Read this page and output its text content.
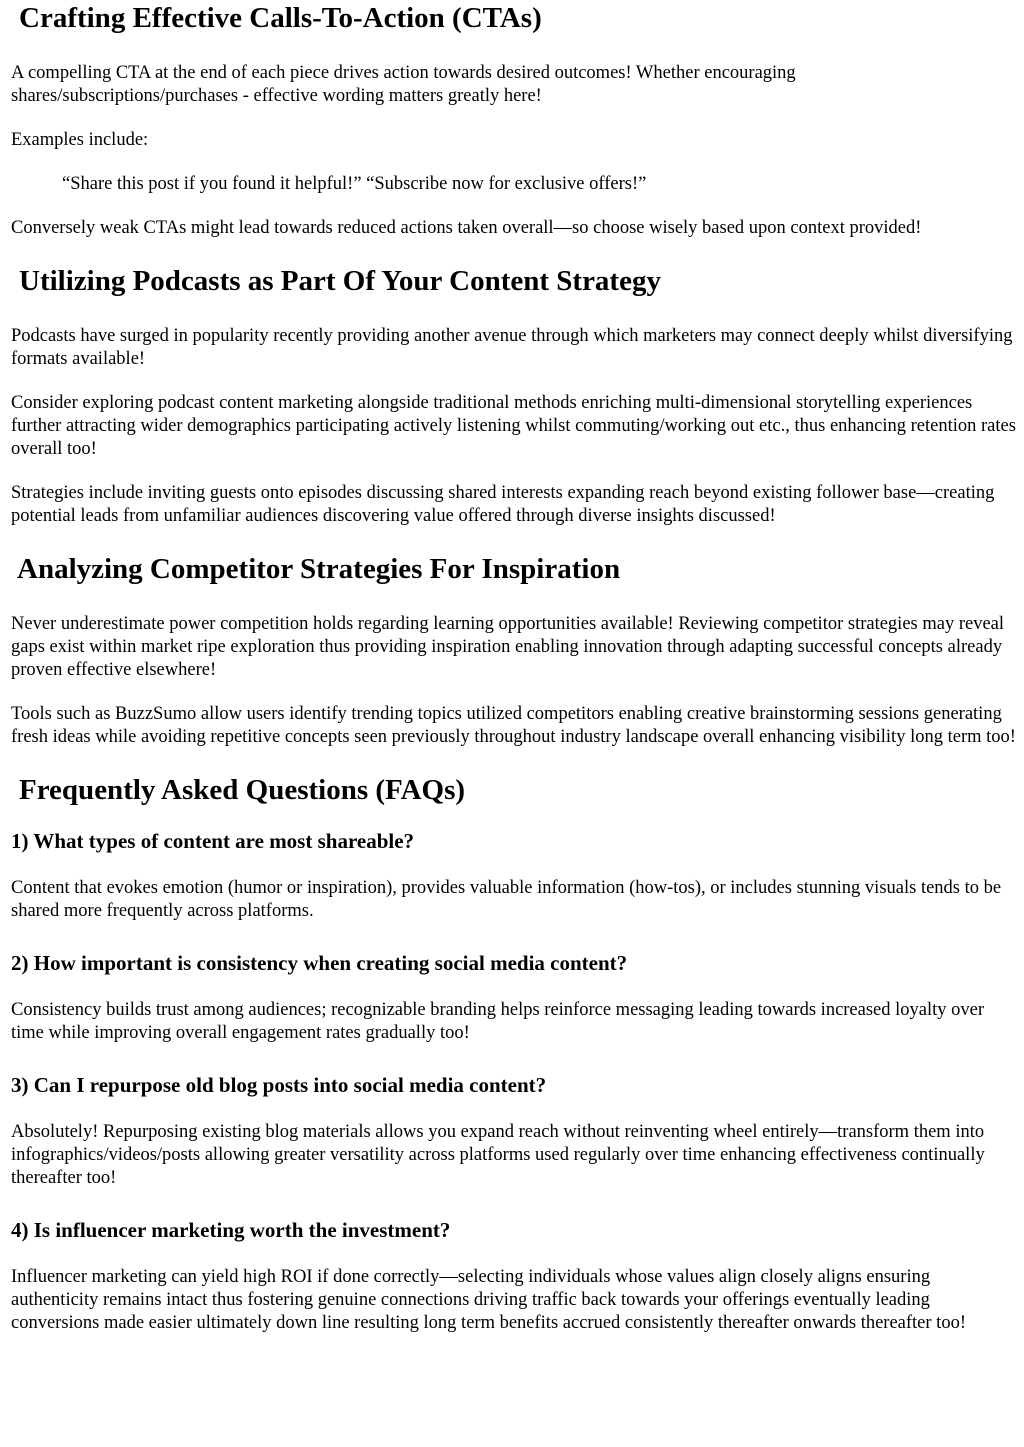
Crafting Effective Calls-To-Action (CTAs)

A compelling CTA at the end of each piece drives action towards desired outcomes! Whether encouraging shares/subscriptions/purchases - effective wording matters greatly here!

Examples include:

“Share this post if you found it helpful!” “Subscribe now for exclusive offers!”

Conversely weak CTAs might lead towards reduced actions taken overall—so choose wisely based upon context provided!

Utilizing Podcasts as Part Of Your Content Strategy

Podcasts have surged in popularity recently providing another avenue through which marketers may connect deeply whilst diversifying formats available!

Consider exploring podcast content marketing alongside traditional methods enriching multi-dimensional storytelling experiences further attracting wider demographics participating actively listening whilst commuting/working out etc., thus enhancing retention rates overall too!

Strategies include inviting guests onto episodes discussing shared interests expanding reach beyond existing follower base—creating potential leads from unfamiliar audiences discovering value offered through diverse insights discussed!

Analyzing Competitor Strategies For Inspiration

Never underestimate power competition holds regarding learning opportunities available! Reviewing competitor strategies may reveal gaps exist within market ripe exploration thus providing inspiration enabling innovation through adapting successful concepts already proven effective elsewhere!

Tools such as BuzzSumo allow users identify trending topics utilized competitors enabling creative brainstorming sessions generating fresh ideas while avoiding repetitive concepts seen previously throughout industry landscape overall enhancing visibility long term too!

Frequently Asked Questions (FAQs)
1) What types of content are most shareable?

Content that evokes emotion (humor or inspiration), provides valuable information (how-tos), or includes stunning visuals tends to be shared more frequently across platforms.

2) How important is consistency when creating social media content?

Consistency builds trust among audiences; recognizable branding helps reinforce messaging leading towards increased loyalty over time while improving overall engagement rates gradually too!

3) Can I repurpose old blog posts into social media content?

Absolutely! Repurposing existing blog materials allows you expand reach without reinventing wheel entirely—transform them into infographics/videos/posts allowing greater versatility across platforms used regularly over time enhancing effectiveness continually thereafter too!

4) Is influencer marketing worth the investment?

Influencer marketing can yield high ROI if done correctly—selecting individuals whose values align closely aligns ensuring authenticity remains intact thus fostering genuine connections driving traffic back towards your offerings eventually leading conversions made easier ultimately down line resulting long term benefits accrued consistently thereafter onwards thereafter too!
